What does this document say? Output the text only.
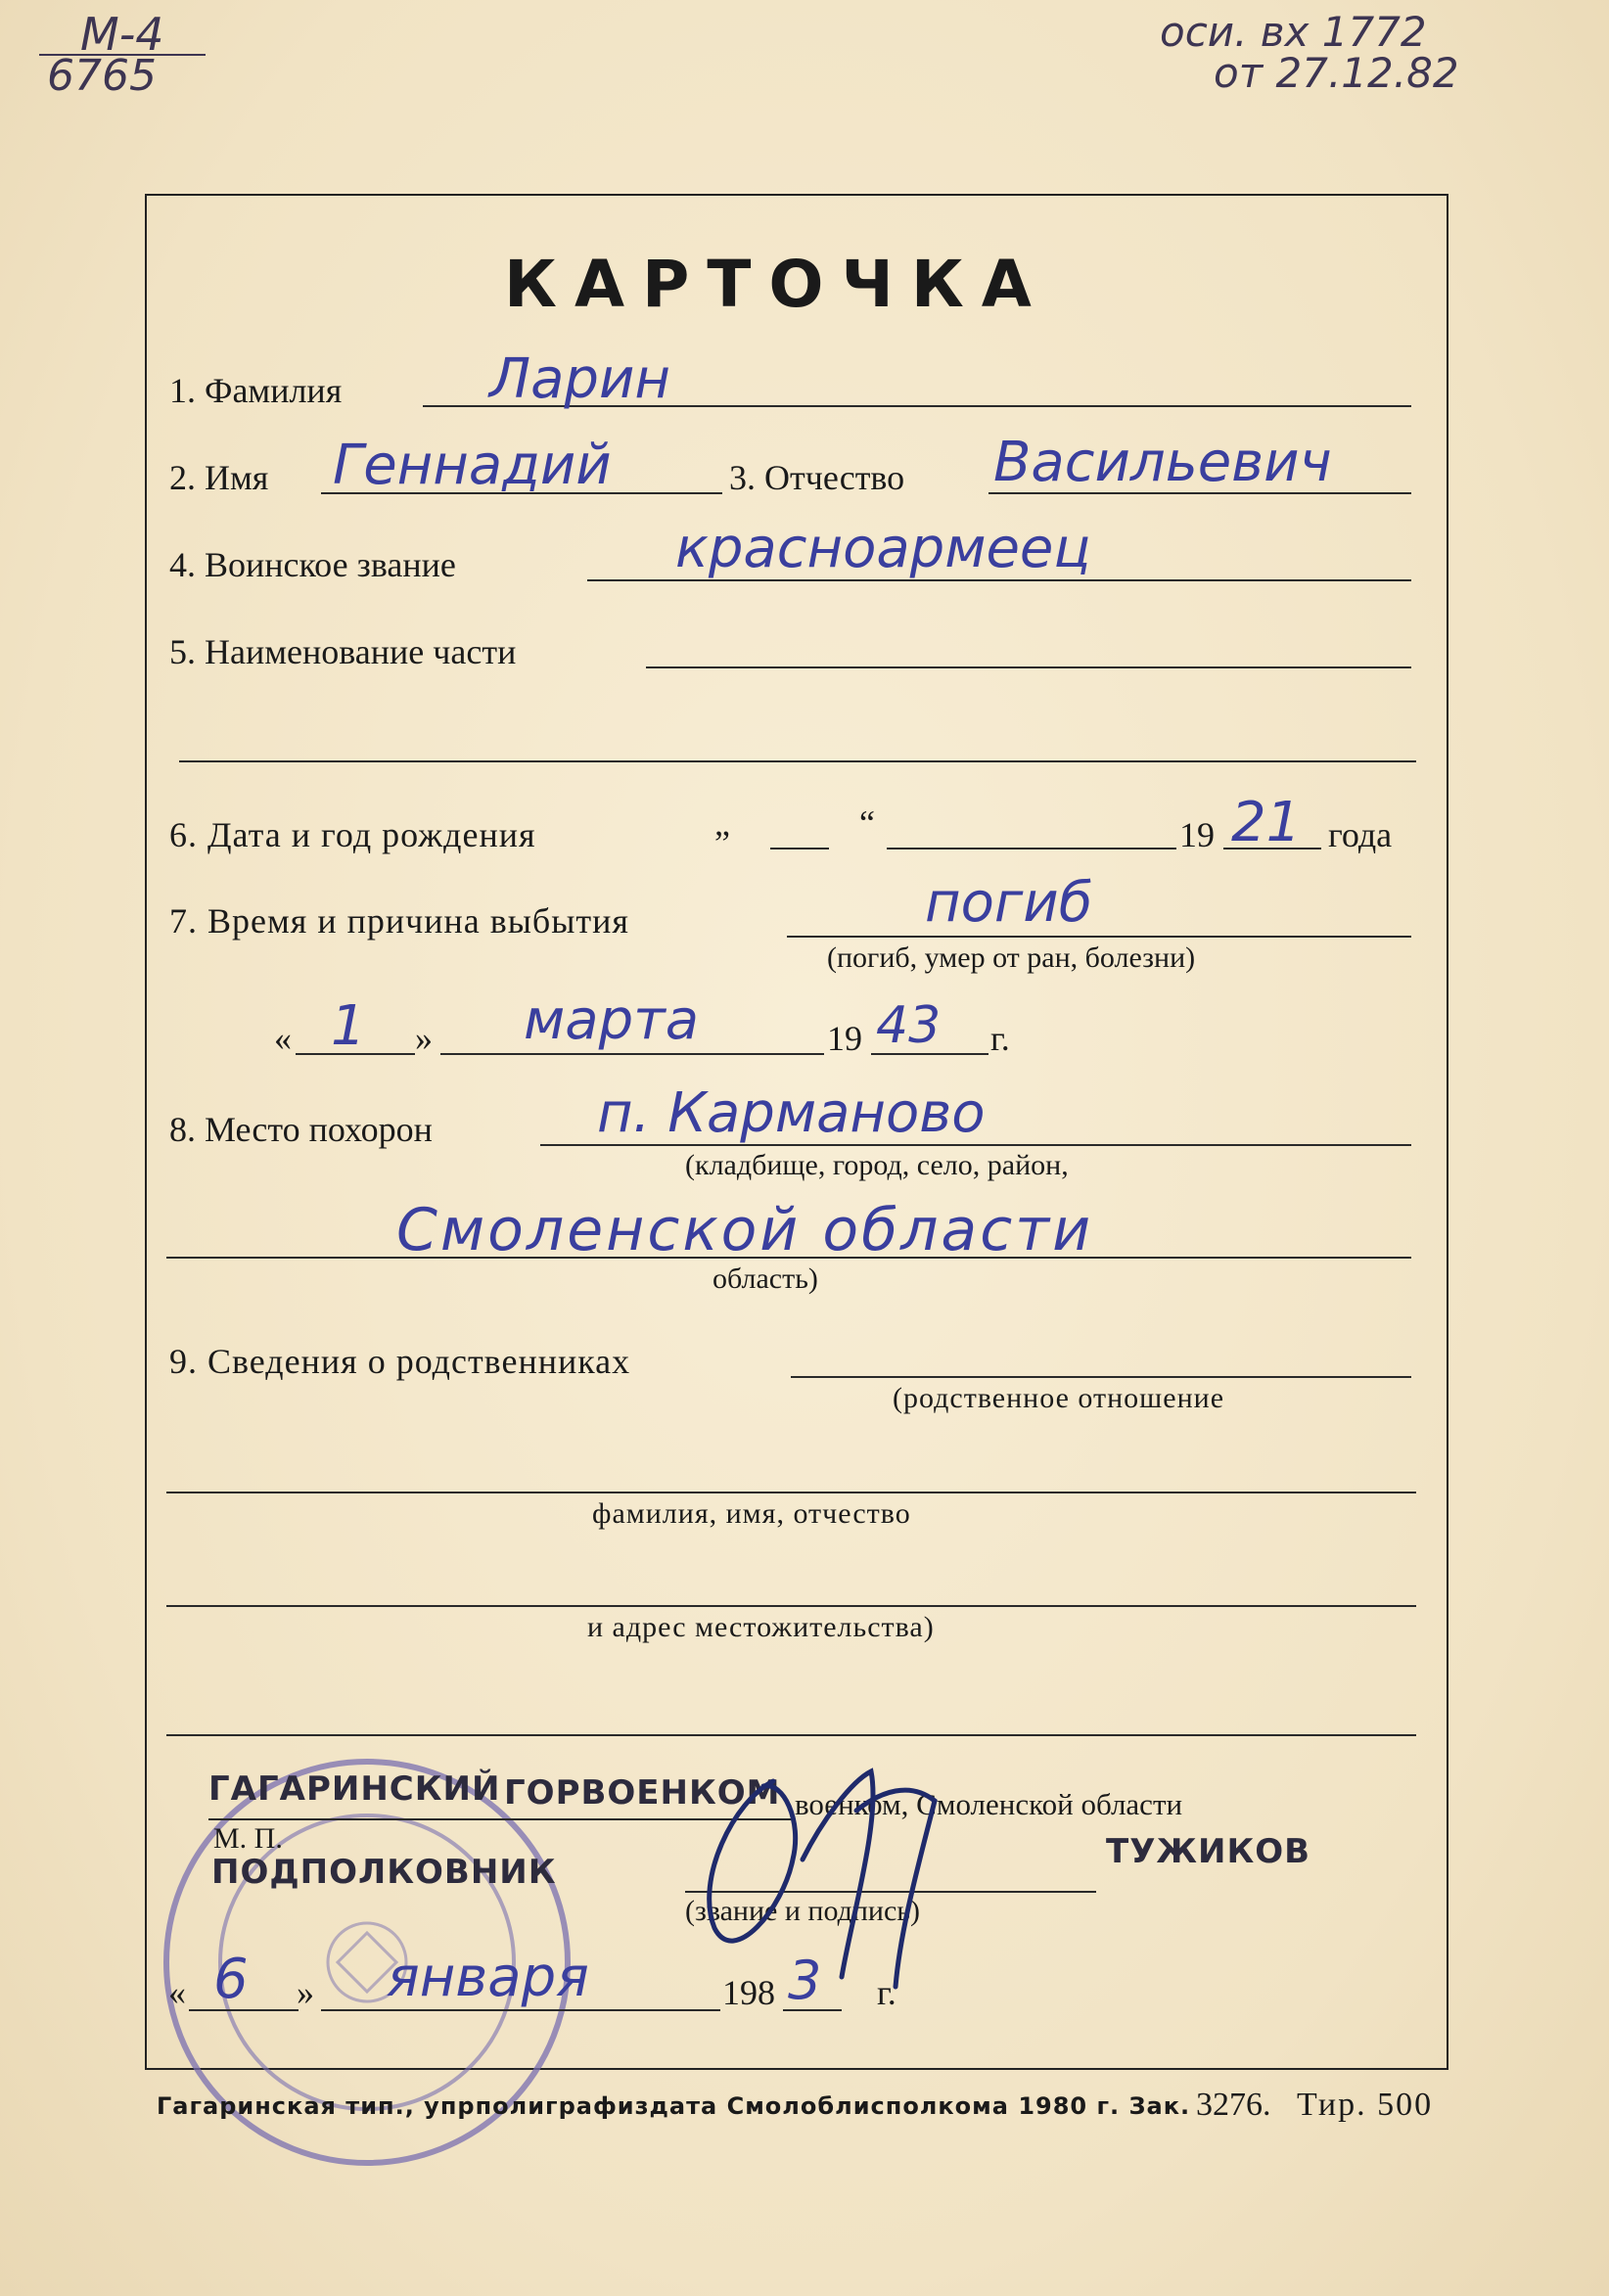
М-4
6765
оси. вх 1772
от 27.12.82
КАРТОЧКА
1. Фамилия	Ларин
2. Имя Геннадий	3. Отчество Васильевич
4. Воинское звание	красноармеец
5. Наименование части
6. Дата и год рождения	„	“	19 21 года
7. Время и причина выбытия	погиб
(погиб, умер от ран, болезни)
« 1 » марта	19 43 г.
8. Место похорон	п. Карманово
(кладбище, город, село, район,
Смоленской области
область)
9. Сведения о родственниках
(родственное отношение
фамилия, имя, отчество
и адрес местожительства)
ГАГАРИНСКИЙ ГОРВОЕНКОМ военком, Смоленской области
М. П.
ПОДПОЛКОВНИК
ТУЖИКОВ
(звание и подпись)
« 6 » января	198 3 г.
Гагаринская тип., упрполиграфиздата Смолоблисполкома 1980 г. Зак. 3276. Тир. 500
